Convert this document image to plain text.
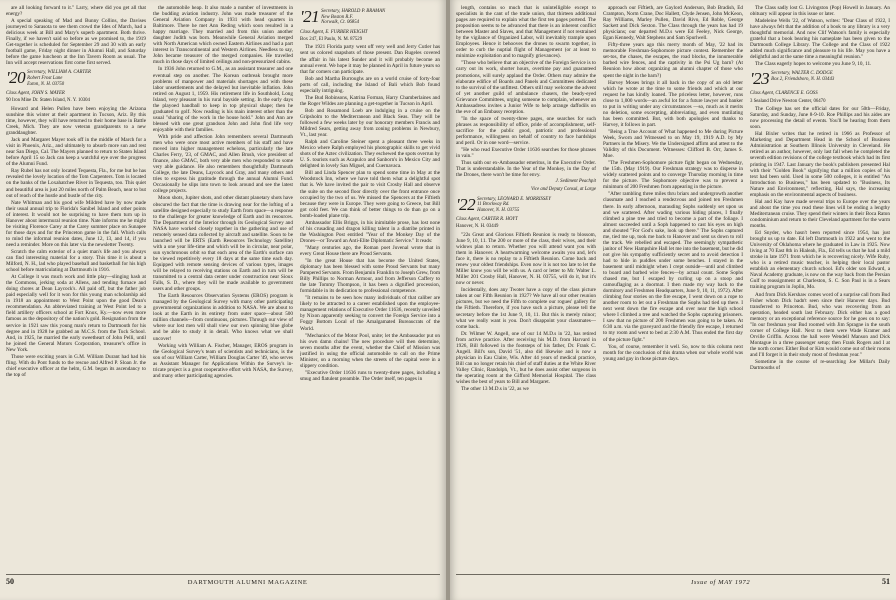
are all looking forward to it." Larry, where did you get all that energy?

A special speaking of Mad and Bunny Collins, the Davises journeyed to Sarasota to see them crowd the Ides of March, had a delicious week at Bill and Mary's superb apartment. Both thrive. Finally, if we haven't said so before as we promised to, the 1919 Get-together is scheduled for September 29 and 30 with an early football game, Friday night dinner in Alumni Hall, and Saturday before the game luncheon at the Inn Tavern Room as usual. The Inn will accept reservations first come first served.

'20 Secretary, WILLIAM A. CARTER
Robert Frost Lane
Exton, N. H. 03750
Class Agent, JOHN S. MAYER
90 Iron Mine Dr. Staten Island, N. Y. 10304

Howard and Helen Pullen have been enjoying the Arizona sunshine this winter at their apartment in Tucson, Ariz. By this time, however, they will have returned to their home base in Battle Creek, Mich. They are now veteran grandparents to a new granddaughter.

Jack and Margaret Mayer took off in the middle of March for a visit in Phoenix, Ariz., and ultimately to absorb more sun and rest near San Diego, Cal. The Mayers planned to return to Staten Island before April 15 so Jack can keep a watchful eye over the progress of the Alumni Fund.

Ray Rubel has not only located Tequesta, Fla., for me but he has revealed the lovely location of the Tom Carpenters. Tom is located on the banks of the Loxahatchee River in Tequesta, too. This quiet and beautiful area is just 20 miles north of Palm Beach, near to but out of reach of the hustle and bustle of the city.

Nate Whitman and his good wife Mildred have by now made their usual annual trip to Florida's Sanibel Island and other points of interest. It would not be surprising to have them turn up in Hanover about intermural reunion time. Nate informs me he might be visiting Florence Carey at the Carey summer place on Sunapee for those days and for the Princeton game in the fall. Which calls to mind the informal reunion dates, June 12, 13, and 14, if you need a reminder. More on this later via the newsletter Twenty.

Scratch the calm exterior of a quiet man's life and you always can find interesting material for a story. This time it is about a Milford, N. H., lad who played baseball and basketball for his high school before matriculating at Dartmouth in 1916.

At College it was much work and little play—slinging hash at the Commons, jerking soda at Allens, and tending furnace and doing chores at Dean Laycock's. All paid off, but the father job paid especially well for it won for this young man scholarship aid in 1918 an appointment to West Point upon the good Dean's recommendation. An abbreviated training at West Point led to a field artillery officers school at Fort Knox, Ky.—now even more famous as the depository of the nation's gold. Resignation from the service in 1921 saw this young man's return to Dartmouth for his degree and in 1928 he grabbed an M.C.S. from the Tuck School. And, in 1925, he married the early sweetheart of John Pelli, until he joined the General Motors Corporation, treasurer's office in New York.

Those were exciting years in G.M. William Durant had had his fling. With du Pont funds to the rescue and Alfred P. Sloan Jr. the chief executive officer at the helm, G.M. began its ascendancy to the top of

the automobile heap. It also made a number of investments in the budding aviation industry. John was made treasurer of the General Aviation Company in 1931 with head quarters in Baltimore. There he met Ann Reding which soon resulted in a happy marriage. They married and from this union another daughter Judith was born. Meanwhile General Aviation merged with North American which owned Eastern Airlines and had a part interest in Transcontinental and Western Airlines. Needless to say, John became treasurer of the merged companies. He travelled much in those days of limited ceilings and non-pressurized cabins.

In 1936 John returned to G.M., as an assistant treasurer and one eventual step on another. The Korean outbreak brought more problems of manpower and materials shortages and with these labor unsettlements and the delayed but inevitable inflation. John retired on August 1, 1959. His retirement life in Southhold, Long Island, very pleasant in his rural bayside setting. In the early days the playoed handball to keep in top physical shape; then he graduated to golf. Now reading is his main interest other than the usual "sharing of the work in the house hold." John and Ann are blessed with one great grandson John and John find life very enjoyable with their families.

With pride and affection John remembers several Dartmouth men who were once most active members of his staff and have moved into higher management echelons, particularly the late Charles Ferry, '23, of GMAC, and Allen Brush, vice president of finance, also GMAC, both very able men who responded to some very able guidance. He also remembers thoughtfully Dartmouth College, the late Deans, Laycock and Gray, and many others and tries to express his gratitude through the annual Alumni Fund. Occasionally he slips into town to look around and see the latest college projects.

Moon shots, Jupiter shots, and other distant planetary shots have obscured the fact that the time is drawing near for the lofting of a satellite designed especially to study Earth from space—a response to the challenge for greater knowledge of Earth and its resources. The Department of the Interior through its Geological Survey and NASA have worked closely together in the gathering and use of remotely sensed data collected by aircraft and satellite. Soon to be launched will be ERTS (Earth Resources Technology Satellite) with a one year life-time and which will be in circular, near polar, sun synchronous orbit so that each area of the Earth's surface can be viewed repetitively every 18 days at the same time each day. Equipped with remote sensing devices of various types, images will be relayed to receiving stations on Earth and in turn will be transmitted to a central data center under construction near Sioux Falls, S. D., where they will be made available to government users and other groups.

The Earth Resources Observation Systems (EROS) program is managed by the Geological Survey with many other participating governmental organizations in addition to NASA. We are about to look at the Earth in its entirety from outer space—about 500 million channels—from continuous, pictures. Through our view of where our lost men will shall view our own spinning blue globe and be able to study it in detail. Who knows what we shall uncover!

Working with William A. Fischer, Manager, EROS program in the Geological Survey's team of scientists and technicians, is the son of our William Carter, William Douglas Carter '49, who serves as Assistant Manager for Applications Within the Survey's in-tricate project is a great cooperative effort with NASA, the Survey, and many other participating agencies.

'21 Secretary, HAROLD P. BRAMAN
New Boston R.F.
Norwalk, Ct. 06854
Class Agent, E. FURBER HEIGHT
Box 247, El Paulo, N. M. 87529

The 1921 Florida party went off very well and Jerry Cutler has sent us colored snapshots of those present. Dan Rugeles covered the affair in his latest Sunder and it will probably become an annual event. We hope it may be planned in April in future years so that far comers can participate.

Bob and Martha Burroughs are on a world cruise of forty-four ports of call, including the Island of Bali which Bob found especially intriguing.

The Bud Robinsons, Katrina Forman, Harry Chamberlaines and the Roger Wildes are planning a get-together in Tucson in April.

Bob and Rosamond Loeb are indulging in a cruise on the Gripsholm to the Mediterranean and Black Seas. They will be followed a few weeks later by our honorary members Francis and Mildred Sears, getting away from zoning problems in Newbury, Vt., last year.

Ralph and Caroline Steiner spent a pleasant three weeks in Mexico where Ralph employed his photographic skills to get vivid shots of the Aztec civilization. They eschewed the spots overrun by U. S. tourists such as Acapulco and Sanborn's in Mexico City and delighted in lovely San Miguel, and Cuernavaca.

Bill and Linda Spencer plan to spend some time in May at the Woodstock Inn, where we have told them what a delightful spot that is. We have invited the pair to visit Crosby Hall and observe the suite on the second floor directly over the front entrance once occupied by the two of us. We missed the Spencers at the Fiftieth because they were in Europe. They were going to Greece, but Bill got cold feet. We can think of better things to do than go on a bomb-loaded plane trip.

Ambassador Ellis Briggs, in his inimitable prose, has lost none of his crusading and dragon killing talent in a diatribe printed in the Washington Post entitled "Year of the Monkey Day of the Drones—or Toward an Anti-Elite Diplomatic Service." It reads:

"Many centuries ago, the Roman poet Juvenal wrote that in every Great House there are Proud Servants.

"In the great House that has become the United States, diplomacy has been blessed with some Proud Servants but many Pampered Servants. From Benjamin Franklin to Joseph Grew, from Billy Phillips to Norman Armour, and from Jefferson Caffery to the late Tommy Thompson, it has been a dignified procession, formidable in its dedication to professional competence.

"It remains to be seen how many individuals of that caliber are likely to be attracted to a career established upon the employee-management relations of Executive Order 11636, recently unveiled by Nixon apparently seeking to convert the Foreign Service into a Foggy Bottom Local of the Amalgamated Bureaucrats of the World.

"Mechanics of the Motor Pool, unite; let the Ambassador put on his own damn chains! The new procedure will then determine, seven months after the event, whether the Chief of Mission was justified in using the official automobile to call on the Prime Minister, on a morning when the streets of the capital were in a slippery condition.

"Executive Order 11636 runs to twenty-three pages, including a smug and flatulent preamble. The Order itself, ten pages in

50	DARTMOUTH ALUMNI MAGAZINE

length, contains so much that is unintelligible except to specialists in the cant of the trade union, that thirteen additional pages are required to explain what the first ten pages portend. The proposition seems to be advanced that there is an inherent conflict between Master and Slaves, and that Management if not restrained by the vigilance of Organized Labor, will inevitably trample upon Employees. Hence it behooves the drones to swarm together, in order to curb the nuptial flight of Management (or at least to minimize exploitation and to magnify grievances).

"Those who believe that an objective of the Foreign Service is to carry out its work, shorter hours, overtime pay and guaranteed promotions, will surely applaud the Order. Others may admire the elaborate edifice of Boards and Panels and Committees dedicated to the survival of the unfittest. Others still may welcome the advent of yet another guild of ambulance chasers, the beady-eyed Grievance Committees, urging someone to complain, whenever an Ambassadress invites a Junior Wife to help arrange daffodils on the eve of an Embassy reception.

"In the space of twenty-three pages, one searches for such phrases as responsibility of office, pride of accomplishment, self-sacrifice for the public good, patriotic and professional performance, willingness on behalf of country to face hardships and peril. Or in one word—service.

"He who read Executive Order 11636 searches for those phrases in vain."

Thus saith our ex-Ambassador emeritus, in the Executive Order. That is understandable. In the Year of the Monkey, in the Day of the Drones, there won't be time for envy.

J. Sediment Peachpit
Vice and Deputy Consul, at Large
'22 Secretary, LEONARD E. MORRISSEY
11 Brockway Rd.
Hanover, N. H. 03755
Class Agent, CARTER R. HOYT
Hanover, N. H. 03449

"22s Great and Glorious Fiftieth Reunion is ready to blossom, June 9, 10, 11. The 200 or more of the class, their wives, and their widows plan to return. Whether you will attend want you with them in Hanover. A heartwarming welcome awaits you and, let's face it, there is no replay to a Fiftieth Reunion. Come back and renew your oldest friendships. Even now it is not too late to let the Miller know you will be with us. A card or letter to Mr. Walter L. Miller 201 Crosby Hall, Hanover, N. H. 03755, will do it, but it's now or never.

Incidentally, does any Twoter have a copy of the class picture taken at our Fifth Reunion in 1927? We have all our other reunion pictures, but we need the Fifth to complete our rogues' gallery for the Fiftieth. Therefore, if you have such a picture, please tell the secretary before the 1st June 9, 10, 11. But this is merely minor; what we really want is you. Don't disappoint your classmates—come back.

Dr. Wilmer W. Angell, one of our 14 M.D.s in '22, has retired from active practice. After receiving his M.D. from Harvard in 1926, Bill followed in the footsteps of his father, Dr. Frank C. Angell. Bill's son, David '51, also did likewise and is now a physician in Eau Claire, Wis. After 44 years of medical practice, Bill can no longer retain his chief of staff duties at the White River Valley Clinic, Randolph, Vt., but he does assist other surgeons in the operating room at the Gifford Memorial Hospital. The class wishes the best of years to Bill and Margaret.

The other 13 M.D.s in '22, as we

approach our Fiftieth, are Gaylord Anderson, Bob Bradish, Ed Crampton, Norm Crane, Doc Hallett, Clyde Jensen, John McKeon, Ray Williams, Marley Pullen, David Rivo, Ed Roble, George Sackett and Dick Sexton. The Class through the years has had 19 physicians; our departed M.D.s were Ed Feeley, Nick George, Egan Kennedy, Walt Stephens and Sam Spurlwell.

Fifty-three years ago this merry month of May, '22 had its memorable Freshman-Sophomore picture contest. Remember the set-tos, the chases, the escapes, the road blocks, the innumerable barbed wire fences, and the captivity in the Psi Ug barn? (At Reunion how about organizing an alumni chapter of those who spent the night in the barn?)

Harvey Moses brings it all back in the copy of an old letter which he wrote at the time to some friends and which at our request he has kindly loaned. The priceless letter, however, runs close to 1,000 words—an awful lot for a future lawyer and banker to put in writing under any circumstances —so, much as it merits no deletion, some excerpting, abbreviating, and even mutilating has been committed. But, with both apologies and thanks to Harvey, it follows in part.

"Being a True Account of What happened to Me during Picture Week, Sworn and Witnessed to on May 19, 1919 A.D. by My Partners in the Misery. We the Undersigned affirm and attest to the Validity of this Document. Witnesses: Clifford B. Orr, James S. Moe.

"The Freshmen-Sophomore picture fight began on Wednesday, the 15th. (May 1919). Our Freshman strategy was to disperse in widely scattered points and to converge Thursday morning in time for the picture. The Sophomore objective was to prevent a minimum of 200 Freshmen from appearing in the picture.

"After rambling three miles thru briars and undergrowth another classmate and I reached a rendezvous and joined ten Freshmen there. In early afternoon, marauding Sophs suddenly set upon us and we scattered. After wading various hiding places, I finally climbed a pine tree and tried to become a part of the foliage. I almost succeeded until a Soph happened to cast his eyes on high and shouted "For God's sake, look up there." The Sophs captured me, tied me up, took me back to Hanover and sent us down to roll the track. We rebelled and escaped. The seemingly sympathetic janitor of New Hampshire Hall let me into the basement, but he did not give his sympathy sufficiently secret and to avoid detection I had to hide in puddles under some benches. I stayed in the basement until midnight when I crept outside—until and climbed to board and barbed wire fences—by actual count. Some Sophs chased me, but I escaped by curling up on a stoop and camouflaging as a doormat. I then made my way back to the dormitory and Freshmen Headquarters, June 9, 10, 11, 1972). After climbing four stories on the fire escape, I went down on a rope to another room to let out a Freshman the Sophs had tied up there. I next went down the fire escape and over near the high school where I climbed a tree and watched the Sophs capturing prisoners. I saw that no picture of 200 Freshmen was going to be taken. At 6:30 a.m. via the graveyard and the friendly fire escape, I returned to my room and went to bed at 2:30 A.M. Thus ended the first day of the picture fight."

You, of course, remember it well. So, now to this column next month for the conclusion of this drama when our whole world was young and gay in those picture days.

The Class sadly lost G. Livingston (Pop) Howell in January. An obituary will appear in this issue or later.

Madeleine Wells '22, of Watson, writes: "Dear Class of 1922, I have always felt that the addition of a book to any library is a very thoughtful memorial. And now Clif Watson's family is especially grateful that a book bearing his nameplate has been given to the Dartmouth College Library. The College and the Class of 1922 added much significance and pleasure to his life. May you have a delightful and at the same time a meaningful reunion."

The Class eagerly hopes to welcome you June 9, 10, 11.

'23 Secretary, WALTER C. DODGE
Box 2, Friendsboro, N. H. 03443
Class Agent, CLARENCE E. GOSS
3 Sealand Drive Newton Center, 06470

The College has set the official dates for our 50th—Friday, Saturday, and Sunday, June 8-9-10. Roe Phillips and his aides are now processing the detail of events. You'll be hearing from them soon.

Hal Bixler writes that he retired in 1966 as Professor of Marketing and Department Head in the School of Business Administration at Southern Illinois University in Cleveland. He retired as an author, however, only last fall when he completed the seventh edition revisions of the college textbook which had its first printing in 1947. Last January the book's publishers presented Hal with their "Golden Book" signifying that a million copies of his text had been sold. Used in some 500 colleges, it is entitled "An Introduction to Business," has been updated to "Business, Its Nature and Environment," reflecting, Hal says, the increasing emphasis on the environmental aspects of business.

Hal and Kay have made several trips to Europe over the years and about the time you read these lines will be ending a lengthy Mediterranean cruise. They spend their winters in their Boca Raton condominium and return to their Cleveland apartment for the warm months.

Ed Snyder, who hasn't been reported since 1954, has just brought us up to date. Ed left Dartmouth in 1922 and went to the University of Oklahoma where he graduated in Law in 1925. Now living at 70 East 8th in Hialeah, Fla., Ed tells us that he had a mild stroke in late 1971 from which he is recovering nicely. Wife Ruby, who is a retired music teacher, is helping their local pastor establish an elementary church school. Ed's older son Edward, a Naval Academy graduate, is now on the way back from the Persian Gulf to reassignment at Charleston, S. C. Son Paul is in a Sears training program in Joplin, Mo.

And from Dick Kershaw comes word of a surprise call from Bud Fisher whom Dick hadn't seen since their Hanover days. Bud transferred to Princeton. Bud, who was recovering from an operation, headed south last February. Dick either has a good memory or an exceptional reference source for he goes on to say: "In our freshman year Bud roomed with Jim Spragne in the south corner of College Hall. Next to them were Wade Kramer and Orville Griffin. Across the hall were Wendell Manson and Dick Montague in a three passenger setup; then Frank Rogers and I at the north corner. Either Bud or Kim would come out of their rooms and I'll forget it in their study most of freshman year."

Sometime in the course of re-searching Joe Millar's Daily Dartmouths of

Issue of MAY 1972	51
